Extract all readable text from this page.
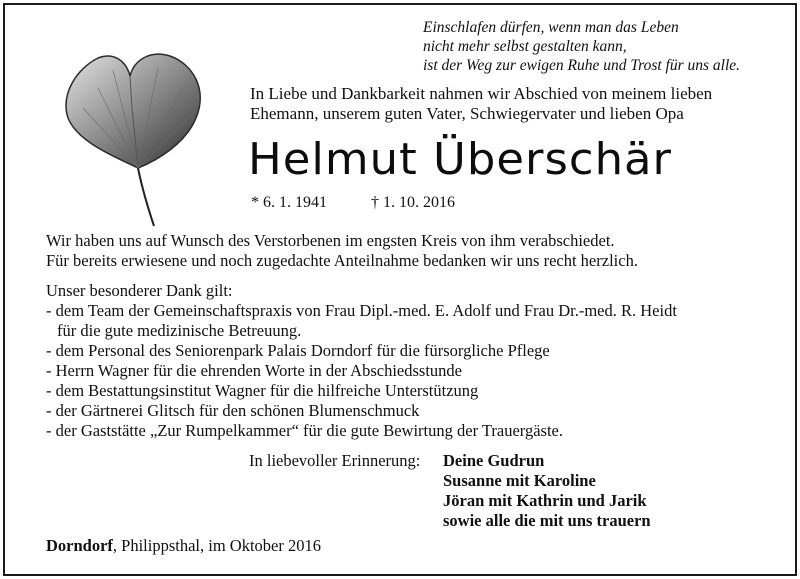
Einschlafen dürfen, wenn man das Leben
nicht mehr selbst gestalten kann,
ist der Weg zur ewigen Ruhe und Trost für uns alle.
In Liebe und Dankbarkeit nahmen wir Abschied von meinem lieben
Ehemann, unserem guten Vater, Schwiegervater und lieben Opa
Helmut Überschär
* 6. 1. 1941	† 1. 10. 2016
Wir haben uns auf Wunsch des Verstorbenen im engsten Kreis von ihm verabschiedet.
Für bereits erwiesene und noch zugedachte Anteilnahme bedanken wir uns recht herzlich.
Unser besonderer Dank gilt:
- dem Team der Gemeinschaftspraxis von Frau Dipl.-med. E. Adolf und Frau Dr.-med. R. Heidt
für die gute medizinische Betreuung.
- dem Personal des Seniorenpark Palais Dorndorf für die fürsorgliche Pflege
- Herrn Wagner für die ehrenden Worte in der Abschiedsstunde
- dem Bestattungsinstitut Wagner für die hilfreiche Unterstützung
- der Gärtnerei Glitsch für den schönen Blumenschmuck
- der Gaststätte „Zur Rumpelkammer“ für die gute Bewirtung der Trauergäste.
In liebevoller Erinnerung: Deine Gudrun
Susanne mit Karoline
Jöran mit Kathrin und Jarik
sowie alle die mit uns trauern
Dorndorf, Philippsthal, im Oktober 2016
